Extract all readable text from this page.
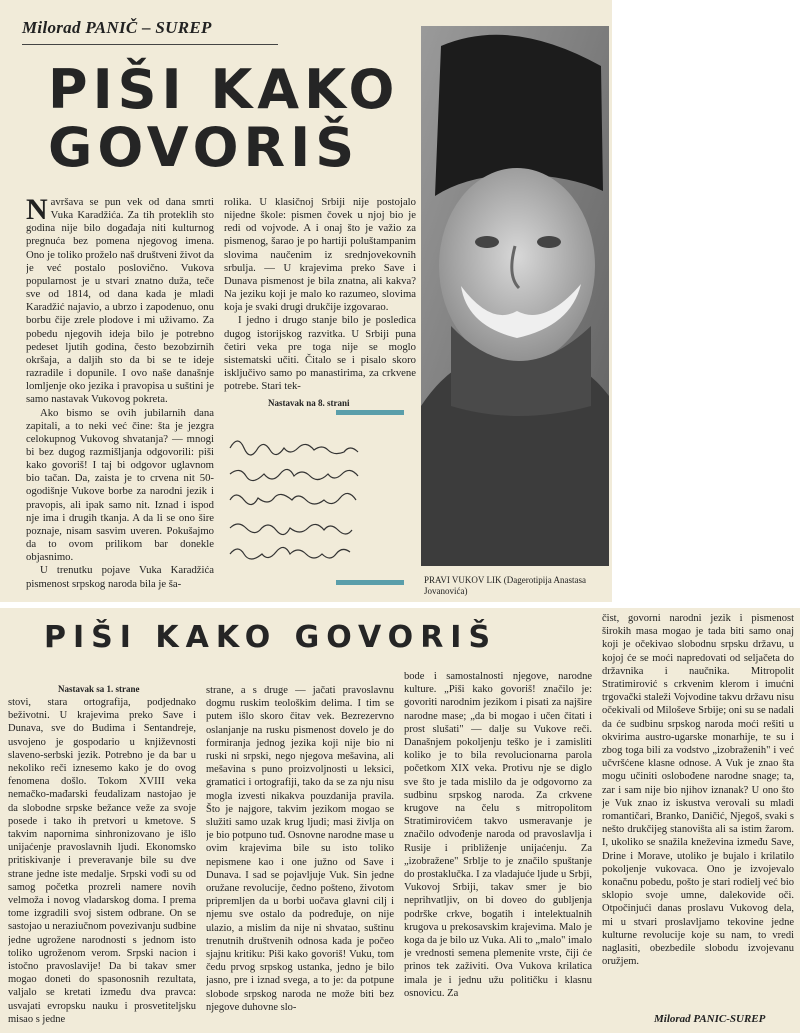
Milorad PANIČ – SUREP
PIŠI KAKO
GOVORIŠ

Navršava se pun vek od dana smrti Vuka Karadžića. Za tih proteklih sto godina nije bilo događaja niti kulturnog pregnuća bez pomena njegovog imena. Ono je toliko proželo naš društveni život da je već postalo poslovično. Vukova popularnost je u stvari znatno duža, teče sve od 1814, od dana kada je mladi Karadžić najavio, a ubrzo i zapodenuo, onu borbu čije zrele plodove i mi uživamo. Za pobedu njegovih ideja bilo je potrebno pedeset ljutih godina, često bezobzirnih okršaja, a daljih sto da bi se te ideje razradile i dopunile. I ovo naše današnje lomljenje oko jezika i pravopisa u suštini je samo nastavak Vukovog pokreta.

Ako bismo se ovih jubilarnih dana zapitali, a to neki već čine: šta je jezgra celokupnog Vukovog shvatanja? — mnogi bi bez dugog razmišljanja odgovorili: piši kako govoriš! I taj bi odgovor uglavnom bio tačan. Da, zaista je to crvena nit 50-ogodišnje Vukove borbe za narodni jezik i pravopis, ali ipak samo nit. Iznad i ispod nje ima i drugih tkanja. A da li se ono šire poznaje, nisam sasvim uveren. Pokušajmo da to ovom prilikom bar donekle objasnimo.

U trenutku pojave Vuka Karadžića pismenost srpskog naroda bila je ša-

rolika. U klasičnoj Srbiji nije postojalo nijedne škole: pismen čovek u njoj bio je redi od vojvode. A i onaj što je važio za pismenog, šarao je po hartiji poluštampanim slovima naučenim iz srednjovekovnih srbulja. — U krajevima preko Save i Dunava pismenost je bila znatna, ali kakva? Na jeziku koji je malo ko razumeo, slovima koja je svaki drugi drukčije izgovarao.

I jedno i drugo stanje bilo je posledica dugog istorijskog razvitka. U Srbiji puna četiri veka pre toga nije se moglo sistematski učiti. Čitalo se i pisalo skoro isključivo samo po manastirima, za crkvene potrebe. Stari tek-

Nastavak na 8. strani
PRAVI VUKOV LIK (Dagerotipija Anastasa Jovanovića)
PIŠI KAKO GOVORIŠ
Nastavak sa 1. strane

stovi, stara ortografija, podjednako beživotni. U krajevima preko Save i Dunava, sve do Budima i Sentandreje, usvojeno je gospodario u književnosti slaveno-serbski jezik. Potrebno je da bar u nekoliko reči iznesemo kako je do ovog fenomena došlo. Tokom XVIII veka nemačko-mađarski feudalizam nastojao je da slobodne srpske bežance veže za svoje posede i tako ih pretvori u kmetove. S takvim napornima sinhronizovano je išlo unijaćenje pravoslavnih ljudi. Ekonomsko pritiskivanje i preveravanje bile su dve strane jedne iste medalje. Srpski vođi su od samog početka prozreli namere novih velmoža i novog vladarskog doma. I prema tome izgradili svoj sistem odbrane. On se sastojao u neraziučnom povezivanju sudbine jedne ugrožene narodnosti s jednom isto toliko ugroženom verom. Srpski nacion i istočno pravoslavije! Da bi takav smer mogao doneti do spasonosnih rezultata, valjalo se kretati između dva pravca: usvajati evropsku nauku i prosvetiteljsku misao s jedne

strane, a s druge — jačati pravoslavnu dogmu ruskim teološkim delima. I tim se putem išlo skoro čitav vek. Bezrezervno oslanjanje na rusku pismenost dovelo je do formiranja jednog jezika koji nije bio ni ruski ni srpski, nego njegova mešavina, ali mešavina s puno proizvoljnosti u leksici, gramatici i ortografiji, tako da se za nju nisu mogla izvesti nikakva pouzdanija pravila. Što je najgore, takvim jezikom mogao se služiti samo uzak krug ljudi; masi življa on je bio potpuno tuđ. Osnovne narodne mase u ovim krajevima bile su isto toliko nepismene kao i one južno od Save i Dunava. I sad se pojavljuje Vuk. Sin jedne oružane revolucije, čedno pošteno, životom pripremljen da u borbi uočava glavni cilj i njemu sve ostalo da podređuje, on nije ulazio, a mislim da nije ni shvatao, suštinu trenutnih društvenih odnosa kada je počeo sjajnu kritiku: Piši kako govoriš! Vuku, tom čedu prvog srpskog ustanka, jedno je bilo jasno, pre i iznad svega, a to je: da potpune slobode srpskog naroda ne može biti bez njegove duhovne slo-

bode i samostalnosti njegove, narodne kulture. „Piši kako govoriš! značilo je: govoriti narodnim jezikom i pisati za najšire narodne mase; „da bi mogao i učen čitati i prost slušati" — dalje su Vukove reči. Današnjem pokoljenju teško je i zamisliti koliko je to bila revolucionarna parola početkom XIX veka. Protivu nje se diglo sve što je tada mislilo da je odgovorno za sudbinu srpskog naroda. Za crkvene krugove na čelu s mitropolitom Stratimirovićem takvo usmeravanje je značilo odvođenje naroda od pravoslavlja i Rusije i približenje unijaćenju. Za „izobražene" Srblje to je značilo spuštanje do prostaklučka. I za vladajuće ljude u Srbji, Vukovoj Srbiji, takav smer je bio neprihvatljiv, on bi doveo do gubljenja podrške crkve, bogatih i intelektualnih krugova u prekosavskim krajevima. Malo je koga da je bilo uz Vuka. Ali to „malo" imalo je vrednosti semena plemenite vrste, čiji će prinos tek zaživiti. Ova Vukova krilatica imala je i jednu užu političku i klasnu osnovicu. Za

čist, govorni narodni jezik i pismenost širokih masa mogao je tada biti samo onaj koji je očekivao slobodnu srpsku državu, u kojoj će se moći napredovati od seljačeta do državnika i naučnika. Mitropolit Stratimirović s crkvenim klerom i imućni trgovački staleži Vojvodine takvu državu nisu očekivali od Miloševe Srbije; oni su se nadali da će sudbinu srpskog naroda moći rešiti u okvirima austro-ugarske monarhije, te su i zbog toga bili za vodstvo „izobraženih" i već učvršćene klasne odnose. A Vuk je znao šta mogu učiniti oslobođene narodne snage; ta, zar i sam nije bio njihov iznanak? U ono što je Vuk znao iz iskustva verovali su mladi romantičari, Branko, Daničić, Njegoš, svaki s nešto drukčijeg stanovišta ali sa istim žarom. I, ukoliko se snažila kneževina između Save, Drine i Morave, utoliko je bujalo i krilatilo pokoljenje vukovaca. Ono je izvojevalo konačnu pobedu, pošto je stari rodielj već bio sklopio svoje umne, dalekovide oči. Otpočinjući danas proslavu Vukovog dela, mi u stvari proslavljamo tekovine jedne kulturne revolucije koje su nam, to vredi naglasiti, obezbedile slobodu izvojevanu oružjem.

Milorad PANIC-SUREP
